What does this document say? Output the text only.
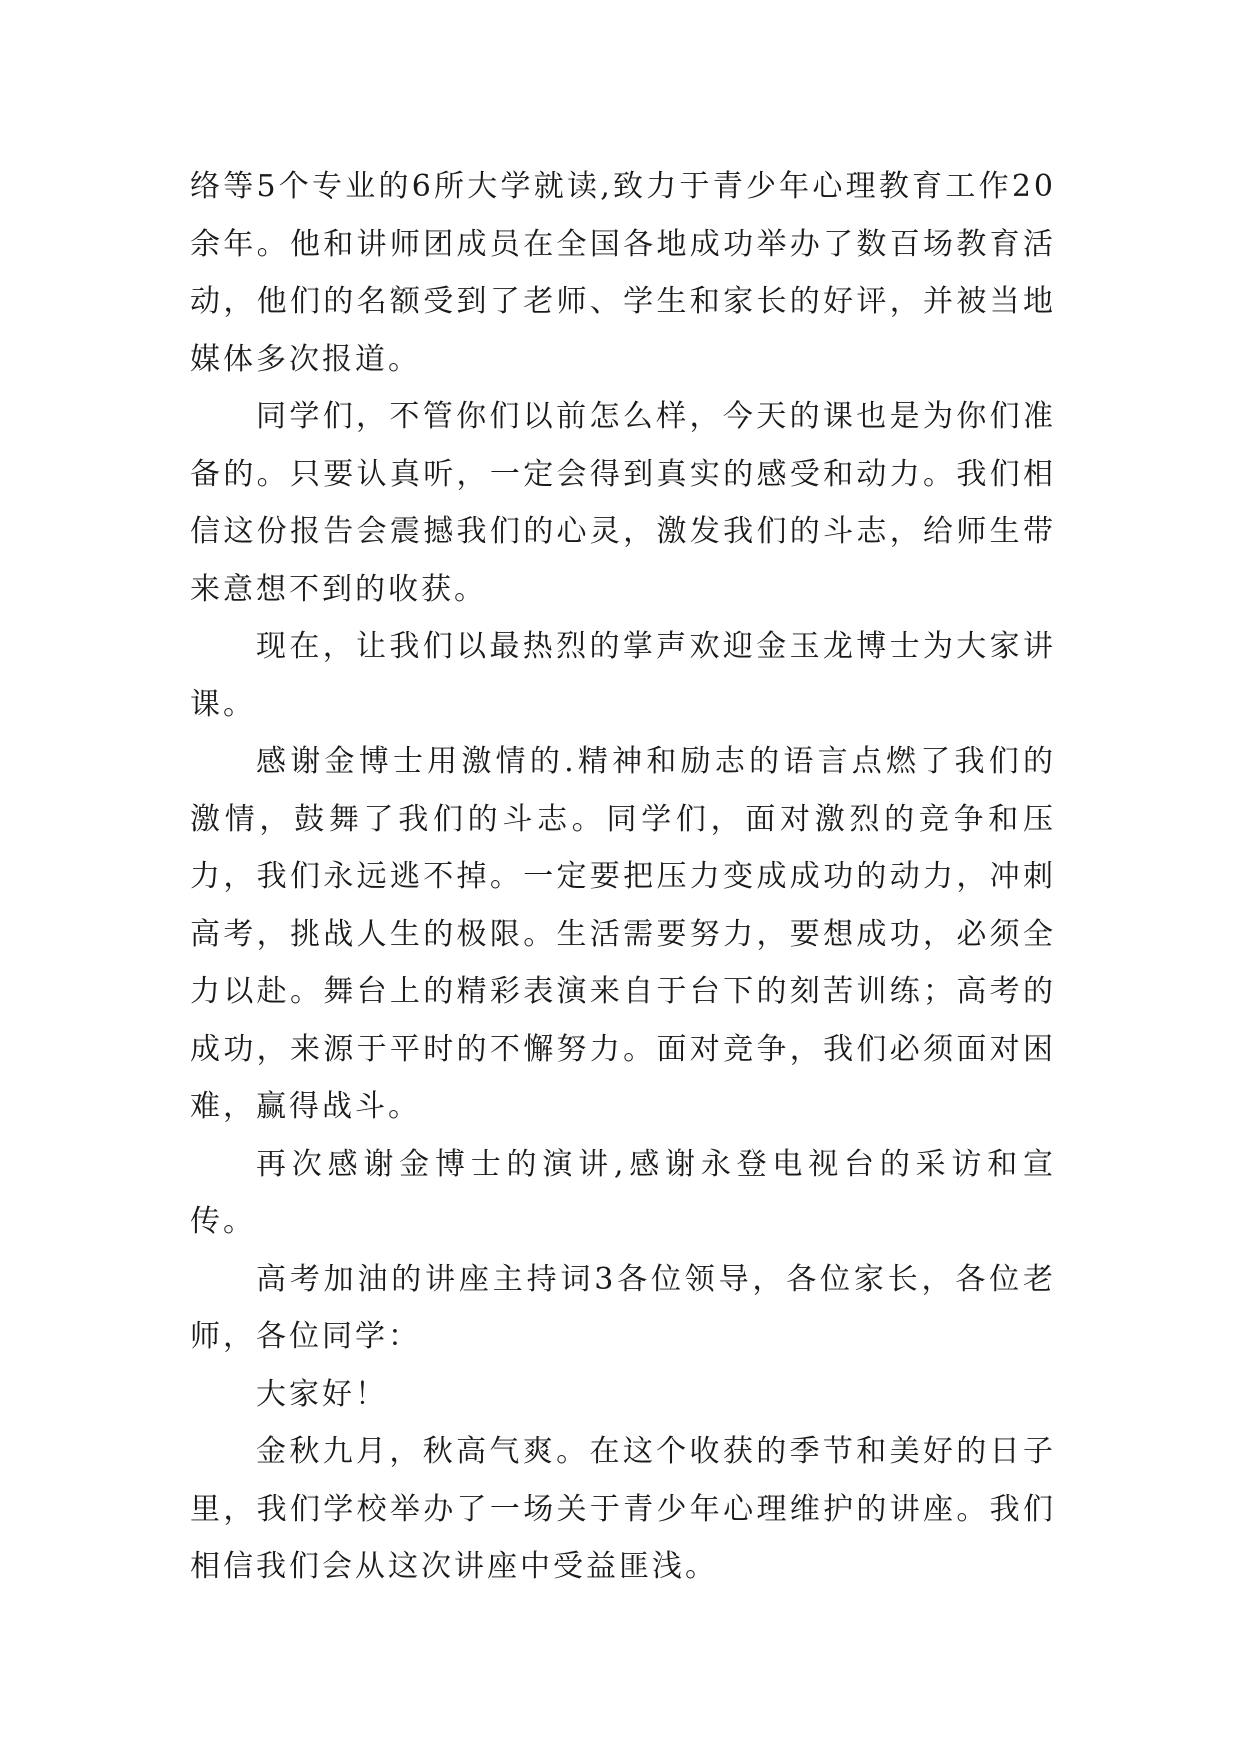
络等5个专业的6所大学就读,致力于青少年心理教育工作20余年。他和讲师团成员在全国各地成功举办了数百场教育活动，他们的名额受到了老师、学生和家长的好评，并被当地媒体多次报道。

同学们，不管你们以前怎么样，今天的课也是为你们准备的。只要认真听，一定会得到真实的感受和动力。我们相信这份报告会震撼我们的心灵，激发我们的斗志，给师生带来意想不到的收获。

现在，让我们以最热烈的掌声欢迎金玉龙博士为大家讲课。

感谢金博士用激情的.精神和励志的语言点燃了我们的激情，鼓舞了我们的斗志。同学们，面对激烈的竞争和压力，我们永远逃不掉。一定要把压力变成成功的动力，冲刺高考，挑战人生的极限。生活需要努力，要想成功，必须全力以赴。舞台上的精彩表演来自于台下的刻苦训练；高考的成功，来源于平时的不懈努力。面对竞争，我们必须面对困难，赢得战斗。

再次感谢金博士的演讲,感谢永登电视台的采访和宣传。

高考加油的讲座主持词3各位领导，各位家长，各位老师，各位同学：

大家好！

金秋九月，秋高气爽。在这个收获的季节和美好的日子里，我们学校举办了一场关于青少年心理维护的讲座。我们相信我们会从这次讲座中受益匪浅。
